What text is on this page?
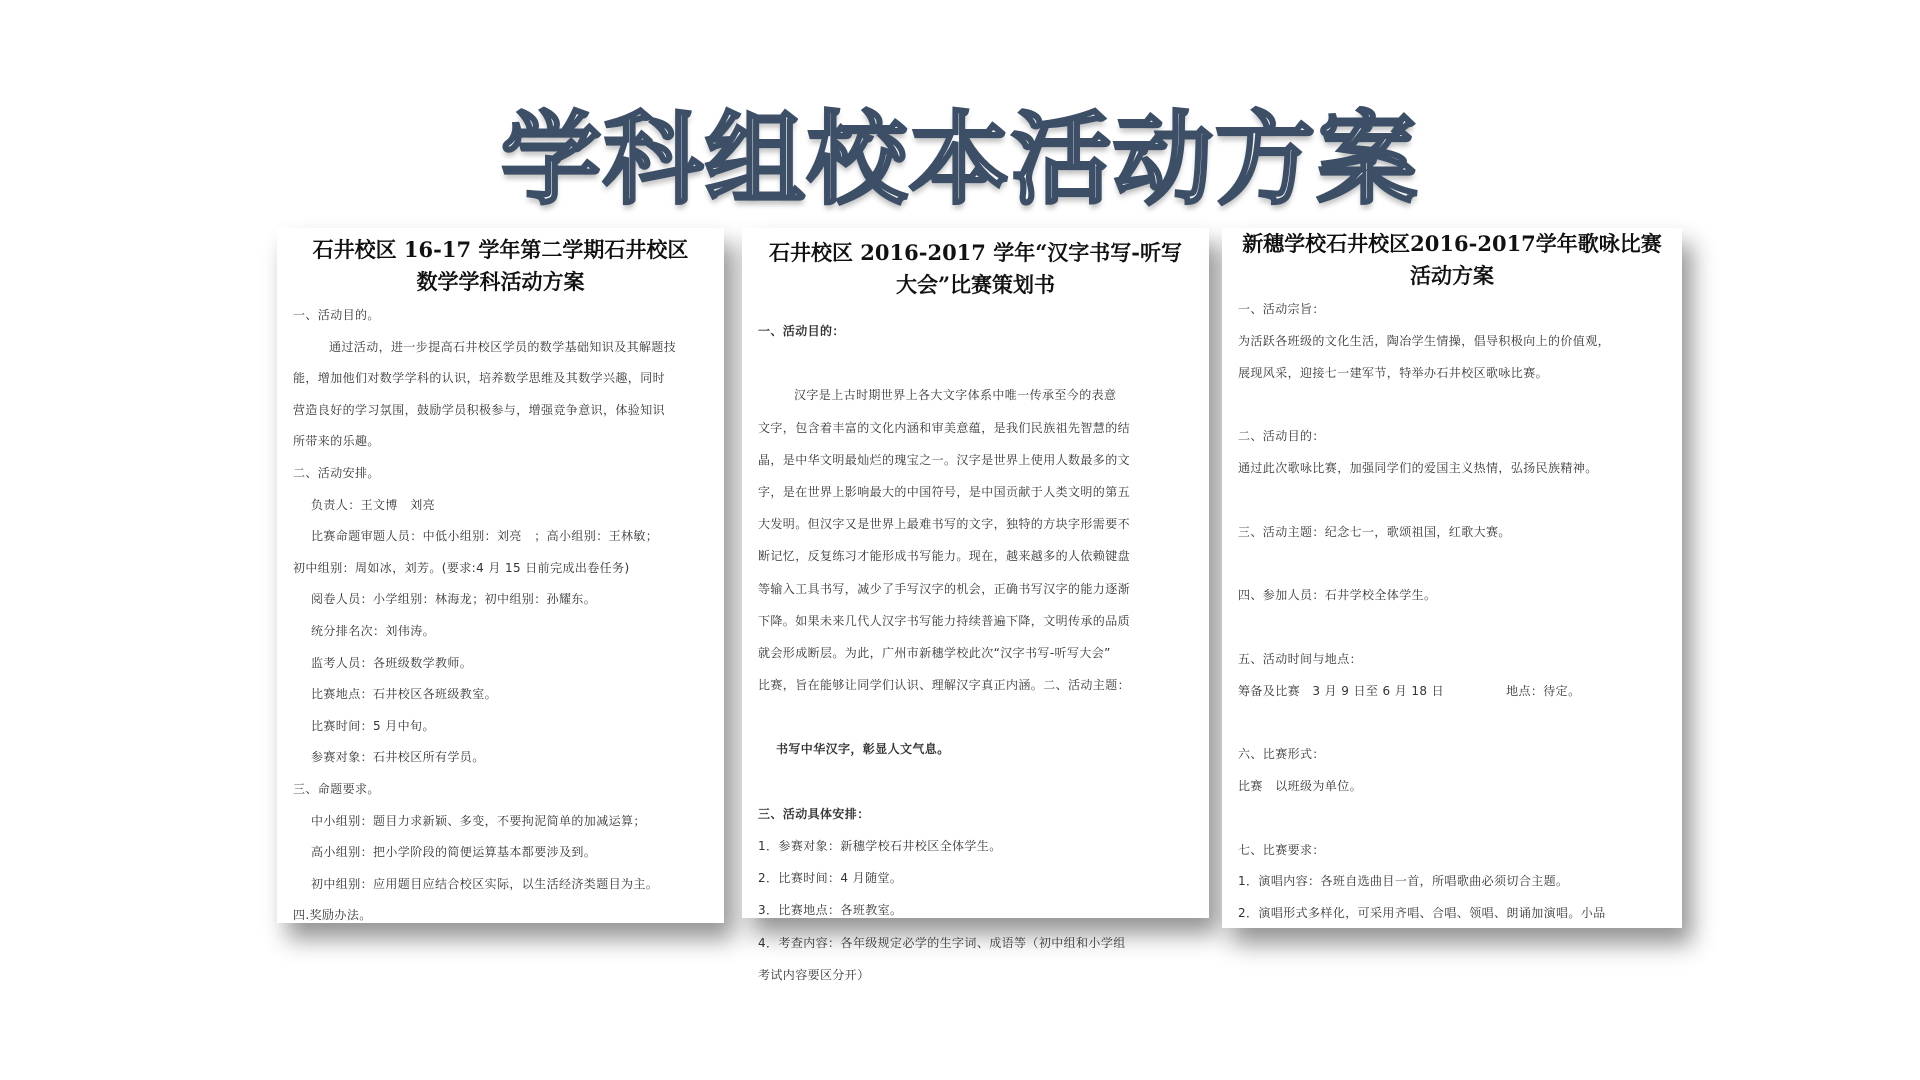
学科组校本活动方案
石井校区 16-17 学年第二学期石井校区
数学学科活动方案
一、活动目的。
通过活动，进一步提高石井校区学员的数学基础知识及其解题技
能，增加他们对数学学科的认识，培养数学思维及其数学兴趣，同时
营造良好的学习氛围，鼓励学员积极参与，增强竞争意识，体验知识
所带来的乐趣。
二、活动安排。
负责人：王文博　刘亮
比赛命题审题人员：中低小组别：刘亮　；高小组别：王林敏；
初中组别：周如冰，刘芳。(要求:4 月 15 日前完成出卷任务)
阅卷人员：小学组别：林海龙；初中组别：孙耀东。
统分排名次：刘伟涛。
监考人员：各班级数学教师。
比赛地点：石井校区各班级教室。
比赛时间：5 月中旬。
参赛对象：石井校区所有学员。
三、命题要求。
中小组别：题目力求新颖、多变，不要拘泥简单的加减运算；
高小组别：把小学阶段的简便运算基本都要涉及到。
初中组别：应用题目应结合校区实际，以生活经济类题目为主。
四.奖励办法。
石井校区 2016-2017 学年“汉字书写-听写
大会”比赛策划书
一、活动目的：
汉字是上古时期世界上各大文字体系中唯一传承至今的表意
文字，包含着丰富的文化内涵和审美意蕴，是我们民族祖先智慧的结
晶，是中华文明最灿烂的瑰宝之一。汉字是世界上使用人数最多的文
字，是在世界上影响最大的中国符号，是中国贡献于人类文明的第五
大发明。但汉字又是世界上最难书写的文字，独特的方块字形需要不
断记忆，反复练习才能形成书写能力。现在，越来越多的人依赖键盘
等输入工具书写，减少了手写汉字的机会，正确书写汉字的能力逐渐
下降。如果未来几代人汉字书写能力持续普遍下降，文明传承的品质
就会形成断层。为此，广州市新穗学校此次“汉字书写-听写大会”
比赛，旨在能够让同学们认识、理解汉字真正内涵。二、活动主题：
书写中华汉字，彰显人文气息。
三、活动具体安排：
1．参赛对象：新穗学校石井校区全体学生。
2．比赛时间：4 月随堂。
3．比赛地点：各班教室。
4．考查内容：各年级规定必学的生字词、成语等（初中组和小学组
考试内容要区分开）
新穗学校石井校区2016-2017学年歌咏比赛
活动方案
一、活动宗旨：
为活跃各班级的文化生活，陶冶学生情操，倡导积极向上的价值观，
展现风采，迎接七一建军节，特举办石井校区歌咏比赛。
二、活动目的：
通过此次歌咏比赛，加强同学们的爱国主义热情，弘扬民族精神。
三、活动主题：纪念七一，歌颂祖国，红歌大赛。
四、参加人员：石井学校全体学生。
五、活动时间与地点：
筹备及比赛　3 月 9 日至 6 月 18 日　　　　　地点：待定。
六、比赛形式：
比赛　以班级为单位。
七、比赛要求：
1．演唱内容：各班自选曲目一首，所唱歌曲必须切合主题。
2．演唱形式多样化，可采用齐唱、合唱、领唱、朗诵加演唱。小品
